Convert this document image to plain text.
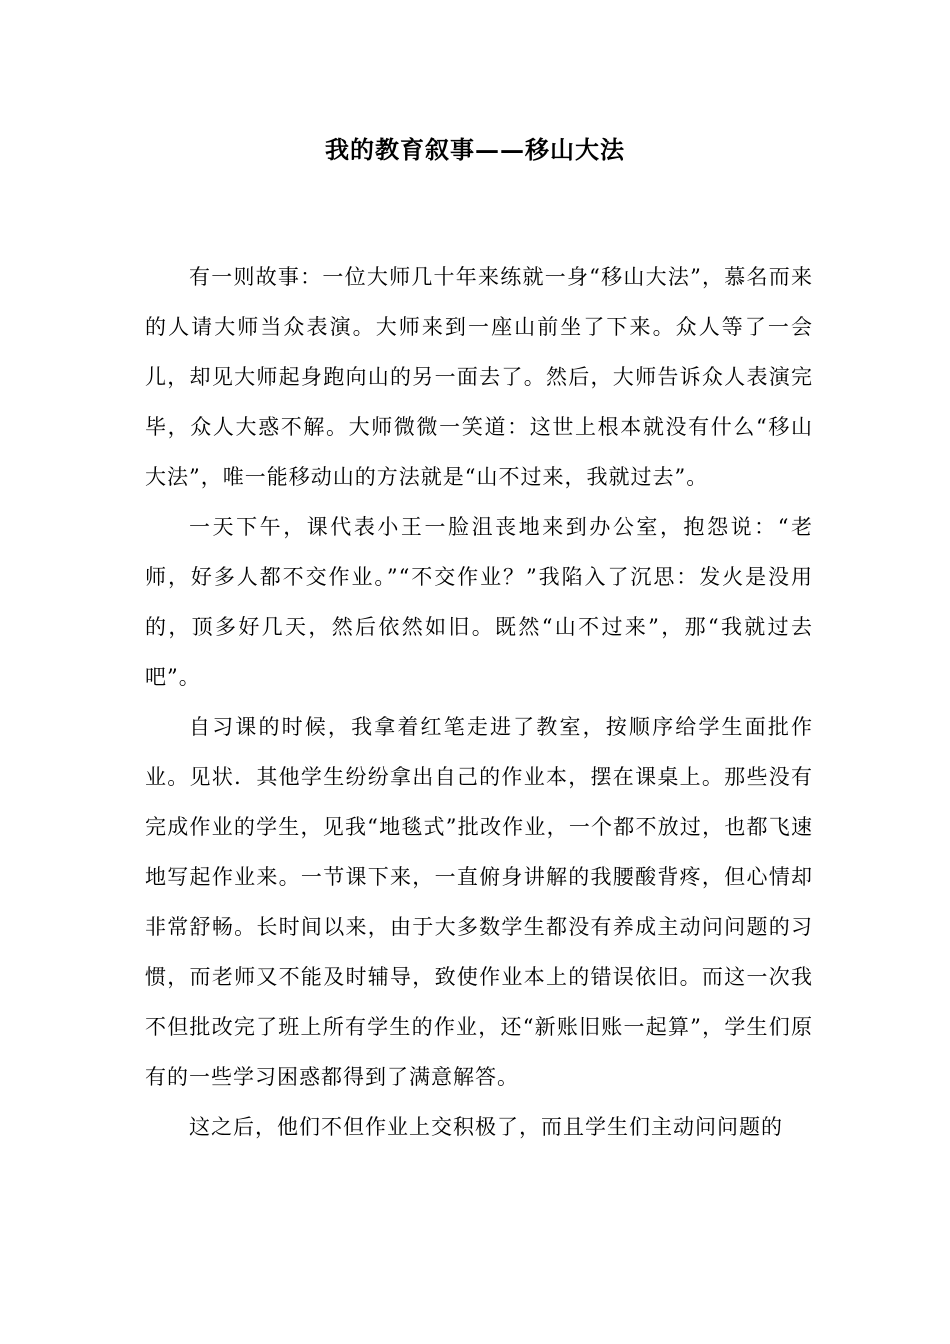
我的教育叙事——移山大法

有一则故事：一位大师几十年来练就一身“移山大法”，慕名而来的人请大师当众表演。大师来到一座山前坐了下来。众人等了一会儿，却见大师起身跑向山的另一面去了。然后，大师告诉众人表演完毕，众人大惑不解。大师微微一笑道：这世上根本就没有什么“移山大法”，唯一能移动山的方法就是“山不过来，我就过去”。

一天下午，课代表小王一脸沮丧地来到办公室，抱怨说：“老师，好多人都不交作业。”“不交作业？”我陷入了沉思：发火是没用的，顶多好几天，然后依然如旧。既然“山不过来”，那“我就过去吧”。

自习课的时候，我拿着红笔走进了教室，按顺序给学生面批作业。见状．其他学生纷纷拿出自己的作业本，摆在课桌上。那些没有完成作业的学生，见我“地毯式”批改作业，一个都不放过，也都飞速地写起作业来。一节课下来，一直俯身讲解的我腰酸背疼，但心情却非常舒畅。长时间以来，由于大多数学生都没有养成主动问问题的习惯，而老师又不能及时辅导，致使作业本上的错误依旧。而这一次我不但批改完了班上所有学生的作业，还“新账旧账一起算”，学生们原有的一些学习困惑都得到了满意解答。

这之后，他们不但作业上交积极了，而且学生们主动问问题的
